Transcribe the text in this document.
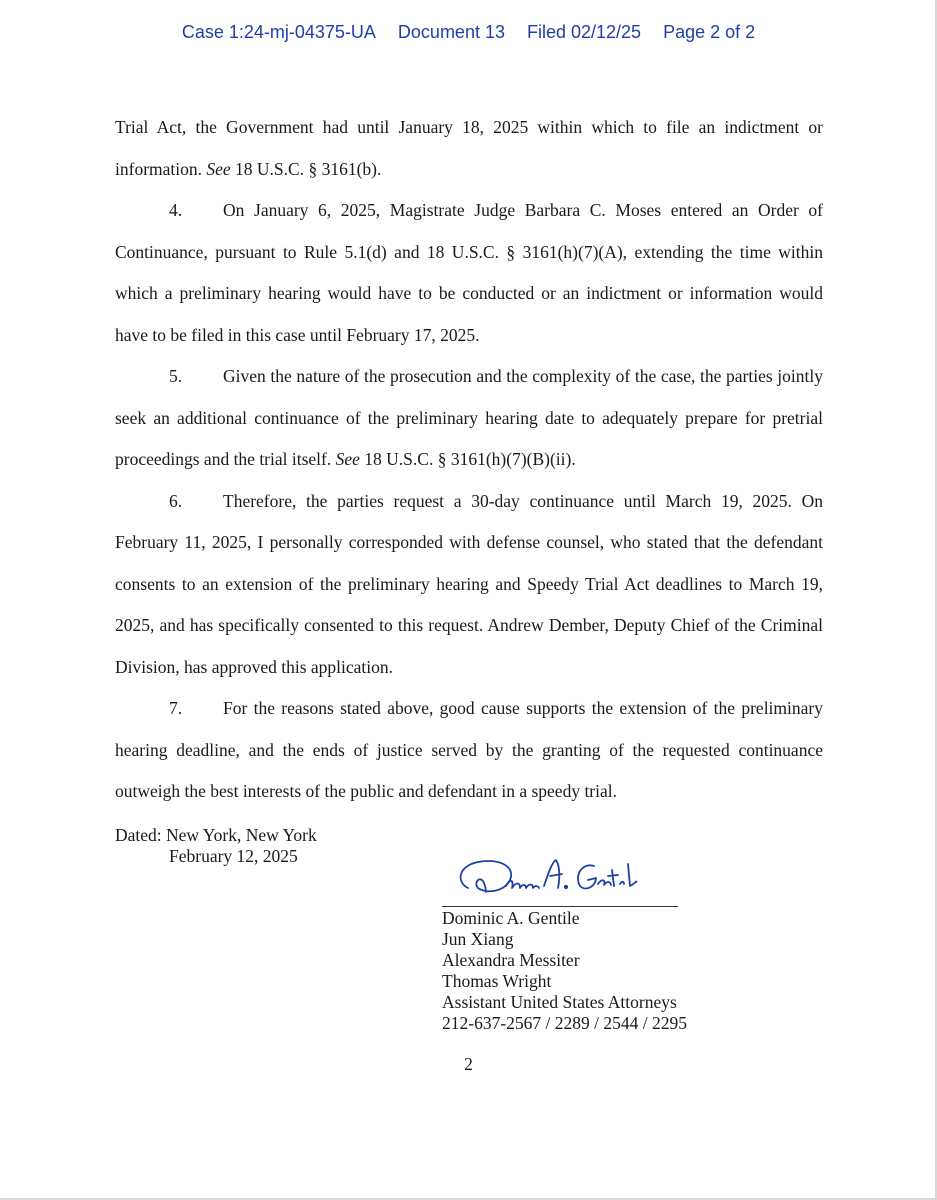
Case 1:24-mj-04375-UA Document 13 Filed 02/12/25 Page 2 of 2

Trial Act, the Government had until January 18, 2025 within which to file an indictment or information. See 18 U.S.C. § 3161(b).

4. On January 6, 2025, Magistrate Judge Barbara C. Moses entered an Order of Continuance, pursuant to Rule 5.1(d) and 18 U.S.C. § 3161(h)(7)(A), extending the time within which a preliminary hearing would have to be conducted or an indictment or information would have to be filed in this case until February 17, 2025.

5. Given the nature of the prosecution and the complexity of the case, the parties jointly seek an additional continuance of the preliminary hearing date to adequately prepare for pretrial proceedings and the trial itself. See 18 U.S.C. § 3161(h)(7)(B)(ii).

6. Therefore, the parties request a 30-day continuance until March 19, 2025. On February 11, 2025, I personally corresponded with defense counsel, who stated that the defendant consents to an extension of the preliminary hearing and Speedy Trial Act deadlines to March 19, 2025, and has specifically consented to this request. Andrew Dember, Deputy Chief of the Criminal Division, has approved this application.

7. For the reasons stated above, good cause supports the extension of the preliminary hearing deadline, and the ends of justice served by the granting of the requested continuance outweigh the best interests of the public and defendant in a speedy trial.

Dated: New York, New York
February 12, 2025
Dominic A. Gentile
Jun Xiang
Alexandra Messiter
Thomas Wright
Assistant United States Attorneys
212-637-2567 / 2289 / 2544 / 2295
2
